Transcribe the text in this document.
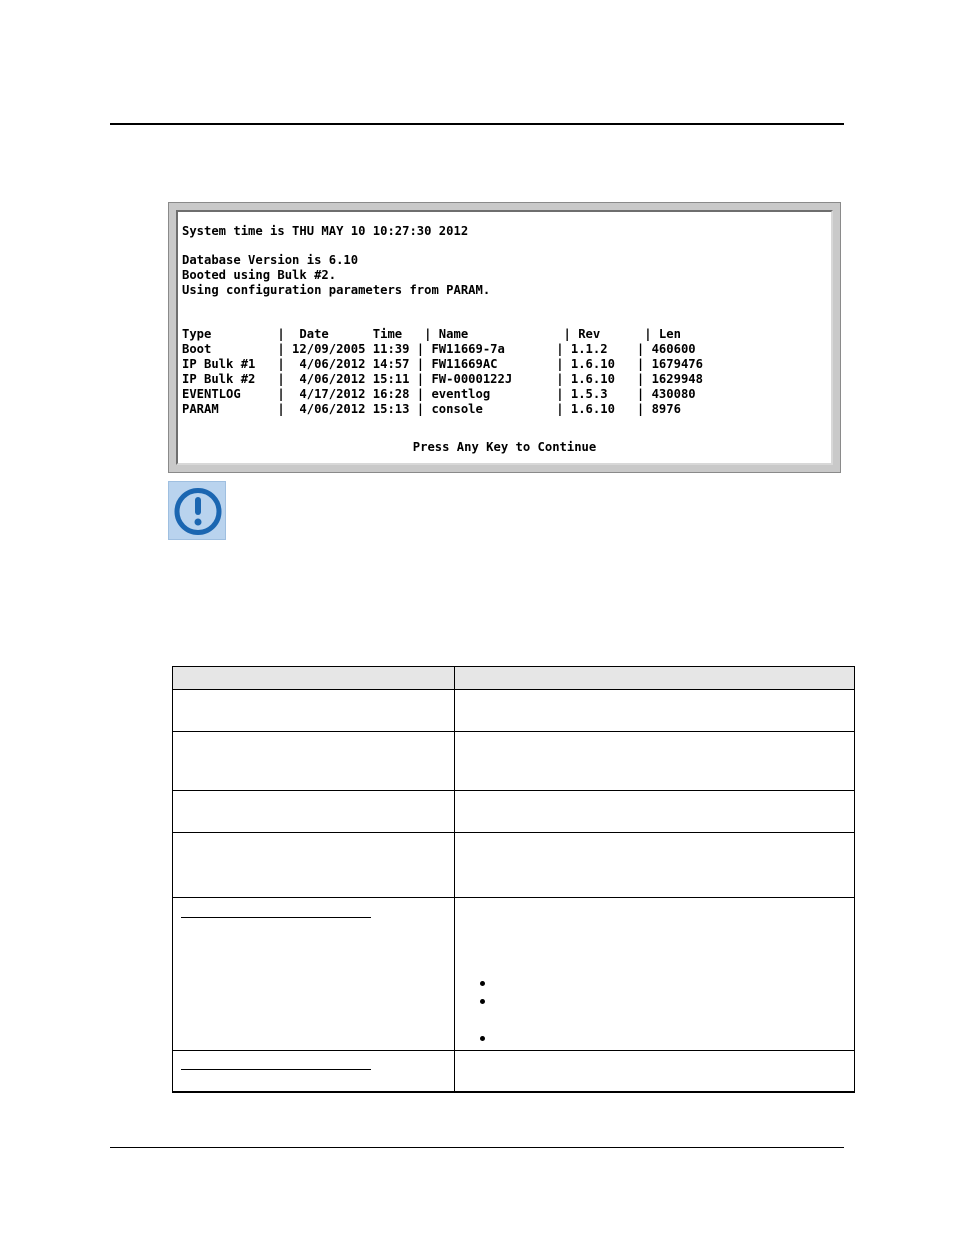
System time is THU MAY 10 10:27:30 2012
Database Version is 6.10
Booted using Bulk #2.
Using configuration parameters from PARAM.
Type         |  Date      Time   | Name             | Rev      | Len
Boot         | 12/09/2005 11:39 | FW11669-7a       | 1.1.2    | 460600
IP Bulk #1   |  4/06/2012 14:57 | FW11669AC        | 1.6.10   | 1679476
IP Bulk #2   |  4/06/2012 15:11 | FW-0000122J      | 1.6.10   | 1629948
EVENTLOG     |  4/17/2012 16:28 | eventlog         | 1.5.3    | 430080
PARAM        |  4/06/2012 15:13 | console          | 1.6.10   | 8976
Press Any Key to Continue
